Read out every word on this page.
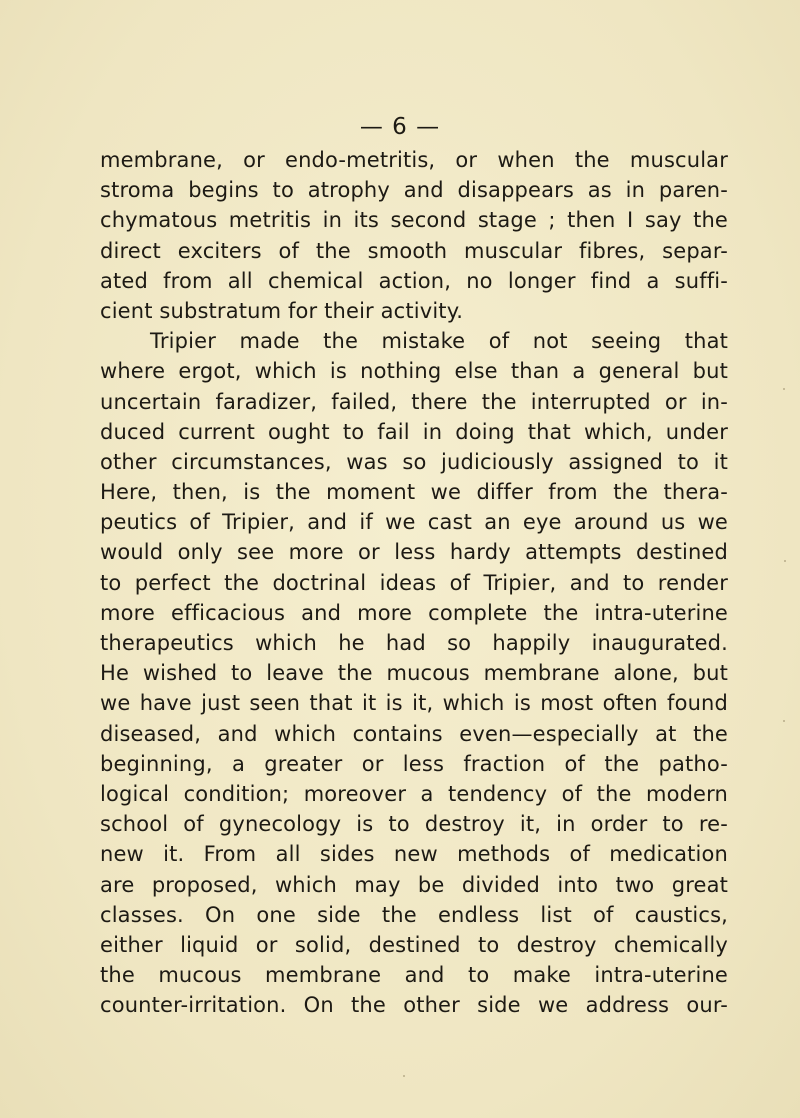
— 6 —
membrane, or endo-metritis, or when the muscular
stroma begins to atrophy and disappears as in paren-
chymatous metritis in its second stage ; then I say the
direct exciters of the smooth muscular fibres, separ-
ated from all chemical action, no longer find a suffi-
cient substratum for their activity.
Tripier made the mistake of not seeing that
where ergot, which is nothing else than a general but
uncertain faradizer, failed, there the interrupted or in-
duced current ought to fail in doing that which, under
other circumstances, was so judiciously assigned to it
Here, then, is the moment we differ from the thera-
peutics of Tripier, and if we cast an eye around us we
would only see more or less hardy attempts destined
to perfect the doctrinal ideas of Tripier, and to render
more efficacious and more complete the intra-uterine
therapeutics which he had so happily inaugurated.
He wished to leave the mucous membrane alone, but
we have just seen that it is it, which is most often found
diseased, and which contains even—especially at the
beginning, a greater or less fraction of the patho-
logical condition; moreover a tendency of the modern
school of gynecology is to destroy it, in order to re-
new it. From all sides new methods of medication
are proposed, which may be divided into two great
classes. On one side the endless list of caustics,
either liquid or solid, destined to destroy chemically
the mucous membrane and to make intra-uterine
counter-irritation. On the other side we address our-
